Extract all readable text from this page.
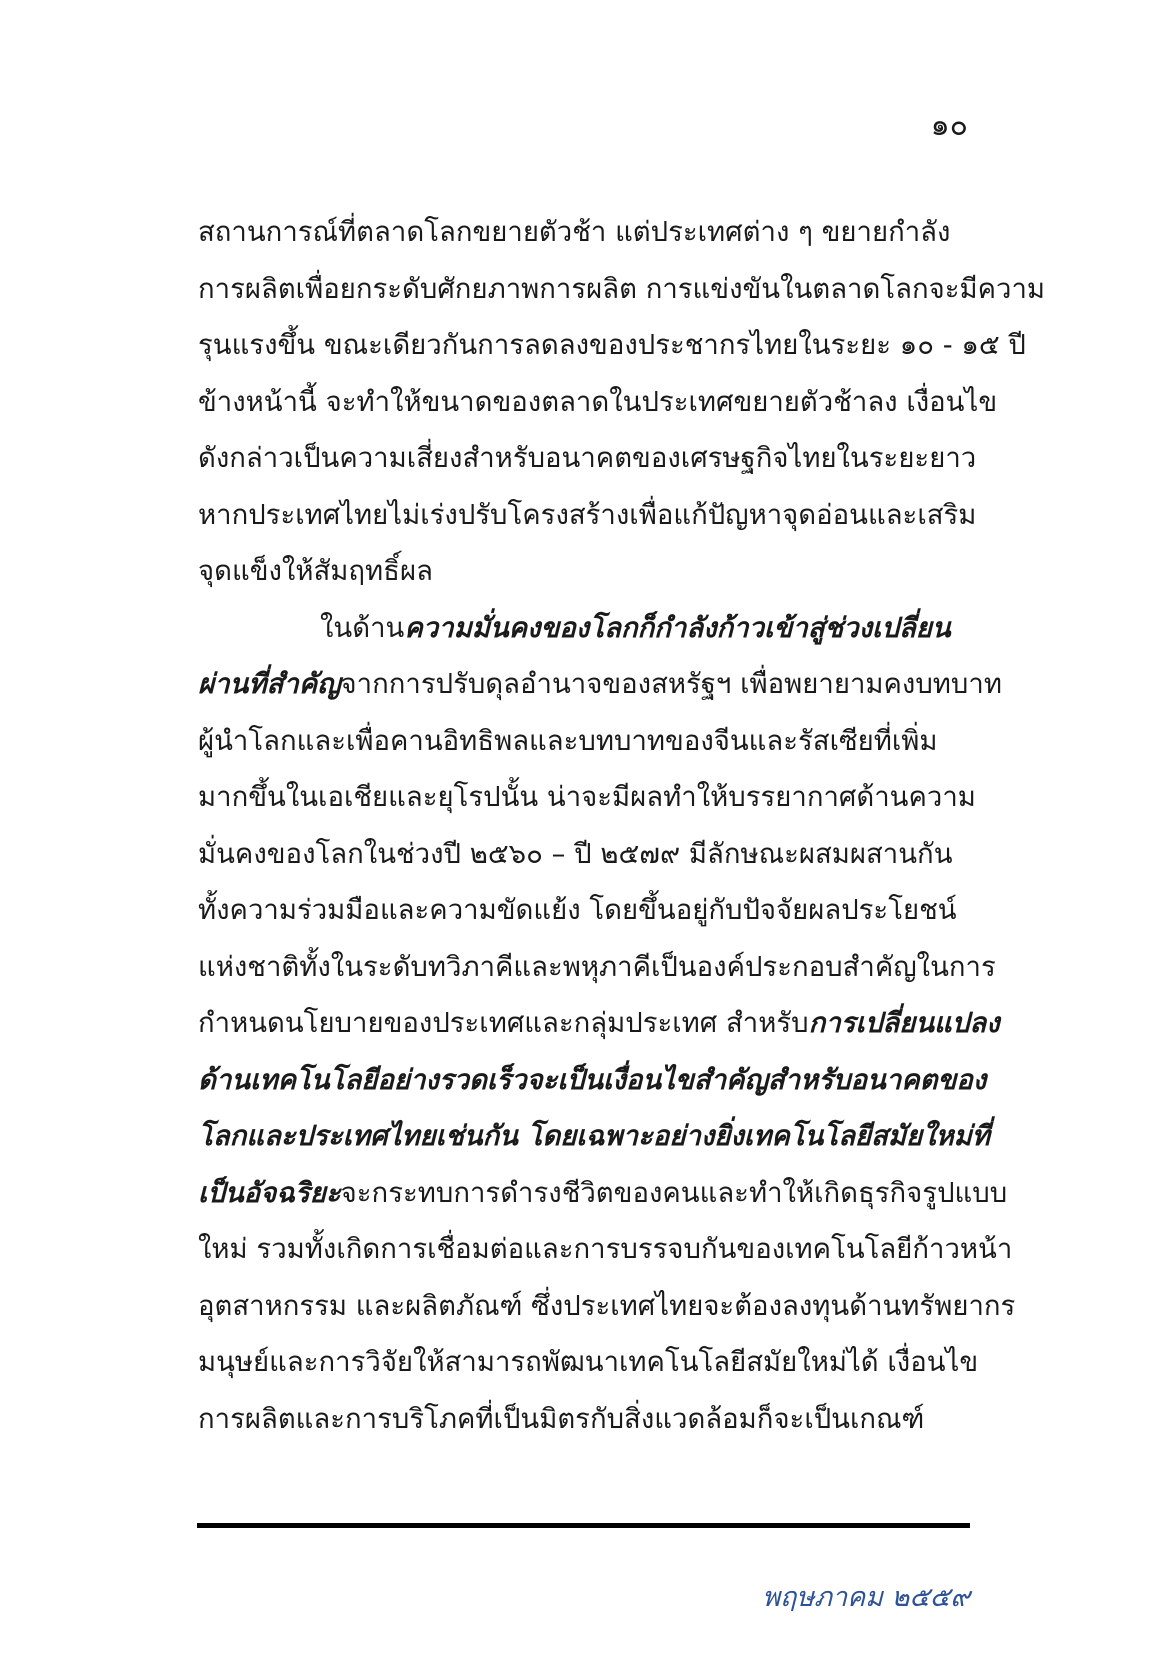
๑๐
สถานการณ์ที่ตลาดโลกขยายตัวช้า แต่ประเทศต่าง ๆ ขยายกำลัง
การผลิตเพื่อยกระดับศักยภาพการผลิต การแข่งขันในตลาดโลกจะมีความ
รุนแรงขึ้น ขณะเดียวกันการลดลงของประชากรไทยในระยะ ๑๐ - ๑๕ ปี
ข้างหน้านี้ จะทำให้ขนาดของตลาดในประเทศขยายตัวช้าลง เงื่อนไข
ดังกล่าวเป็นความเสี่ยงสำหรับอนาคตของเศรษฐกิจไทยในระยะยาว
หากประเทศไทยไม่เร่งปรับโครงสร้างเพื่อแก้ปัญหาจุดอ่อนและเสริม
จุดแข็งให้สัมฤทธิ์ผล
ในด้านความมั่นคงของโลกก็กำลังก้าวเข้าสู่ช่วงเปลี่ยน
ผ่านที่สำคัญจากการปรับดุลอำนาจของสหรัฐฯ เพื่อพยายามคงบทบาท
ผู้นำโลกและเพื่อคานอิทธิพลและบทบาทของจีนและรัสเซียที่เพิ่ม
มากขึ้นในเอเชียและยุโรปนั้น น่าจะมีผลทำให้บรรยากาศด้านความ
มั่นคงของโลกในช่วงปี ๒๕๖๐ – ปี ๒๕๗๙ มีลักษณะผสมผสานกัน
ทั้งความร่วมมือและความขัดแย้ง โดยขึ้นอยู่กับปัจจัยผลประโยชน์
แห่งชาติทั้งในระดับทวิภาคีและพหุภาคีเป็นองค์ประกอบสำคัญในการ
กำหนดนโยบายของประเทศและกลุ่มประเทศ สำหรับการเปลี่ยนแปลง
ด้านเทคโนโลยีอย่างรวดเร็วจะเป็นเงื่อนไขสำคัญสำหรับอนาคตของ
โลกและประเทศไทยเช่นกัน โดยเฉพาะอย่างยิ่งเทคโนโลยีสมัยใหม่ที่
เป็นอัจฉริยะจะกระทบการดำรงชีวิตของคนและทำให้เกิดธุรกิจรูปแบบ
ใหม่ รวมทั้งเกิดการเชื่อมต่อและการบรรจบกันของเทคโนโลยีก้าวหน้า
อุตสาหกรรม และผลิตภัณฑ์ ซึ่งประเทศไทยจะต้องลงทุนด้านทรัพยากร
มนุษย์และการวิจัยให้สามารถพัฒนาเทคโนโลยีสมัยใหม่ได้ เงื่อนไข
การผลิตและการบริโภคที่เป็นมิตรกับสิ่งแวดล้อมก็จะเป็นเกณฑ์
พฤษภาคม ๒๕๕๙
